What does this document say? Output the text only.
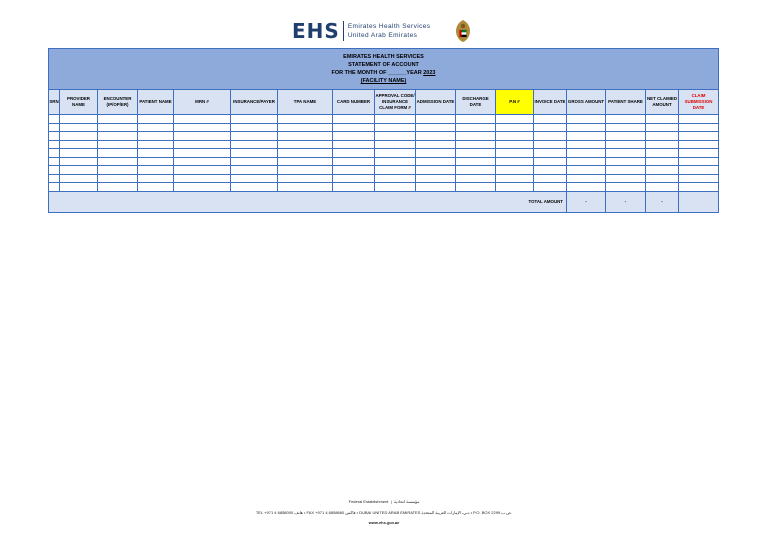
EHS Emirates Health Services
United Arab Emirates
EMIRATES HEALTH SERVICES
STATEMENT OF ACCOUNT
FOR THE MONTH OF ______YEAR 2023
(FACILITY NAME)																

SRN	PROVIDER NAME	ENCOUNTER (IP/OP/ER)	PATIENT NAME	MRN #	INSURANCE/PAYER	TPA NAME	CARD NUMBER	APPROVAL CODE/ INSURANCE CLAIM FORM #	ADMISSION DATE	DISCHARGE DATE	P.N #	INVOICE DATE	GROSS AMOUNT	PATIENT SHARE	NET CLAIMED AMOUNT	CLAIM SUBMISSION DATE

TOTAL AMOUNT													-	-	-	
Federal Establishment  |  مؤسسة اتحادية
TEL +971 4 6858000 هاتف • FAX +971 4 6858660 فاكس • DUBAI UNITED ARAB EMIRATES دبي، الإمارات العربية المتحدة • P.O. BOX 2299 ص.ب.
www.ehs.gov.ae
